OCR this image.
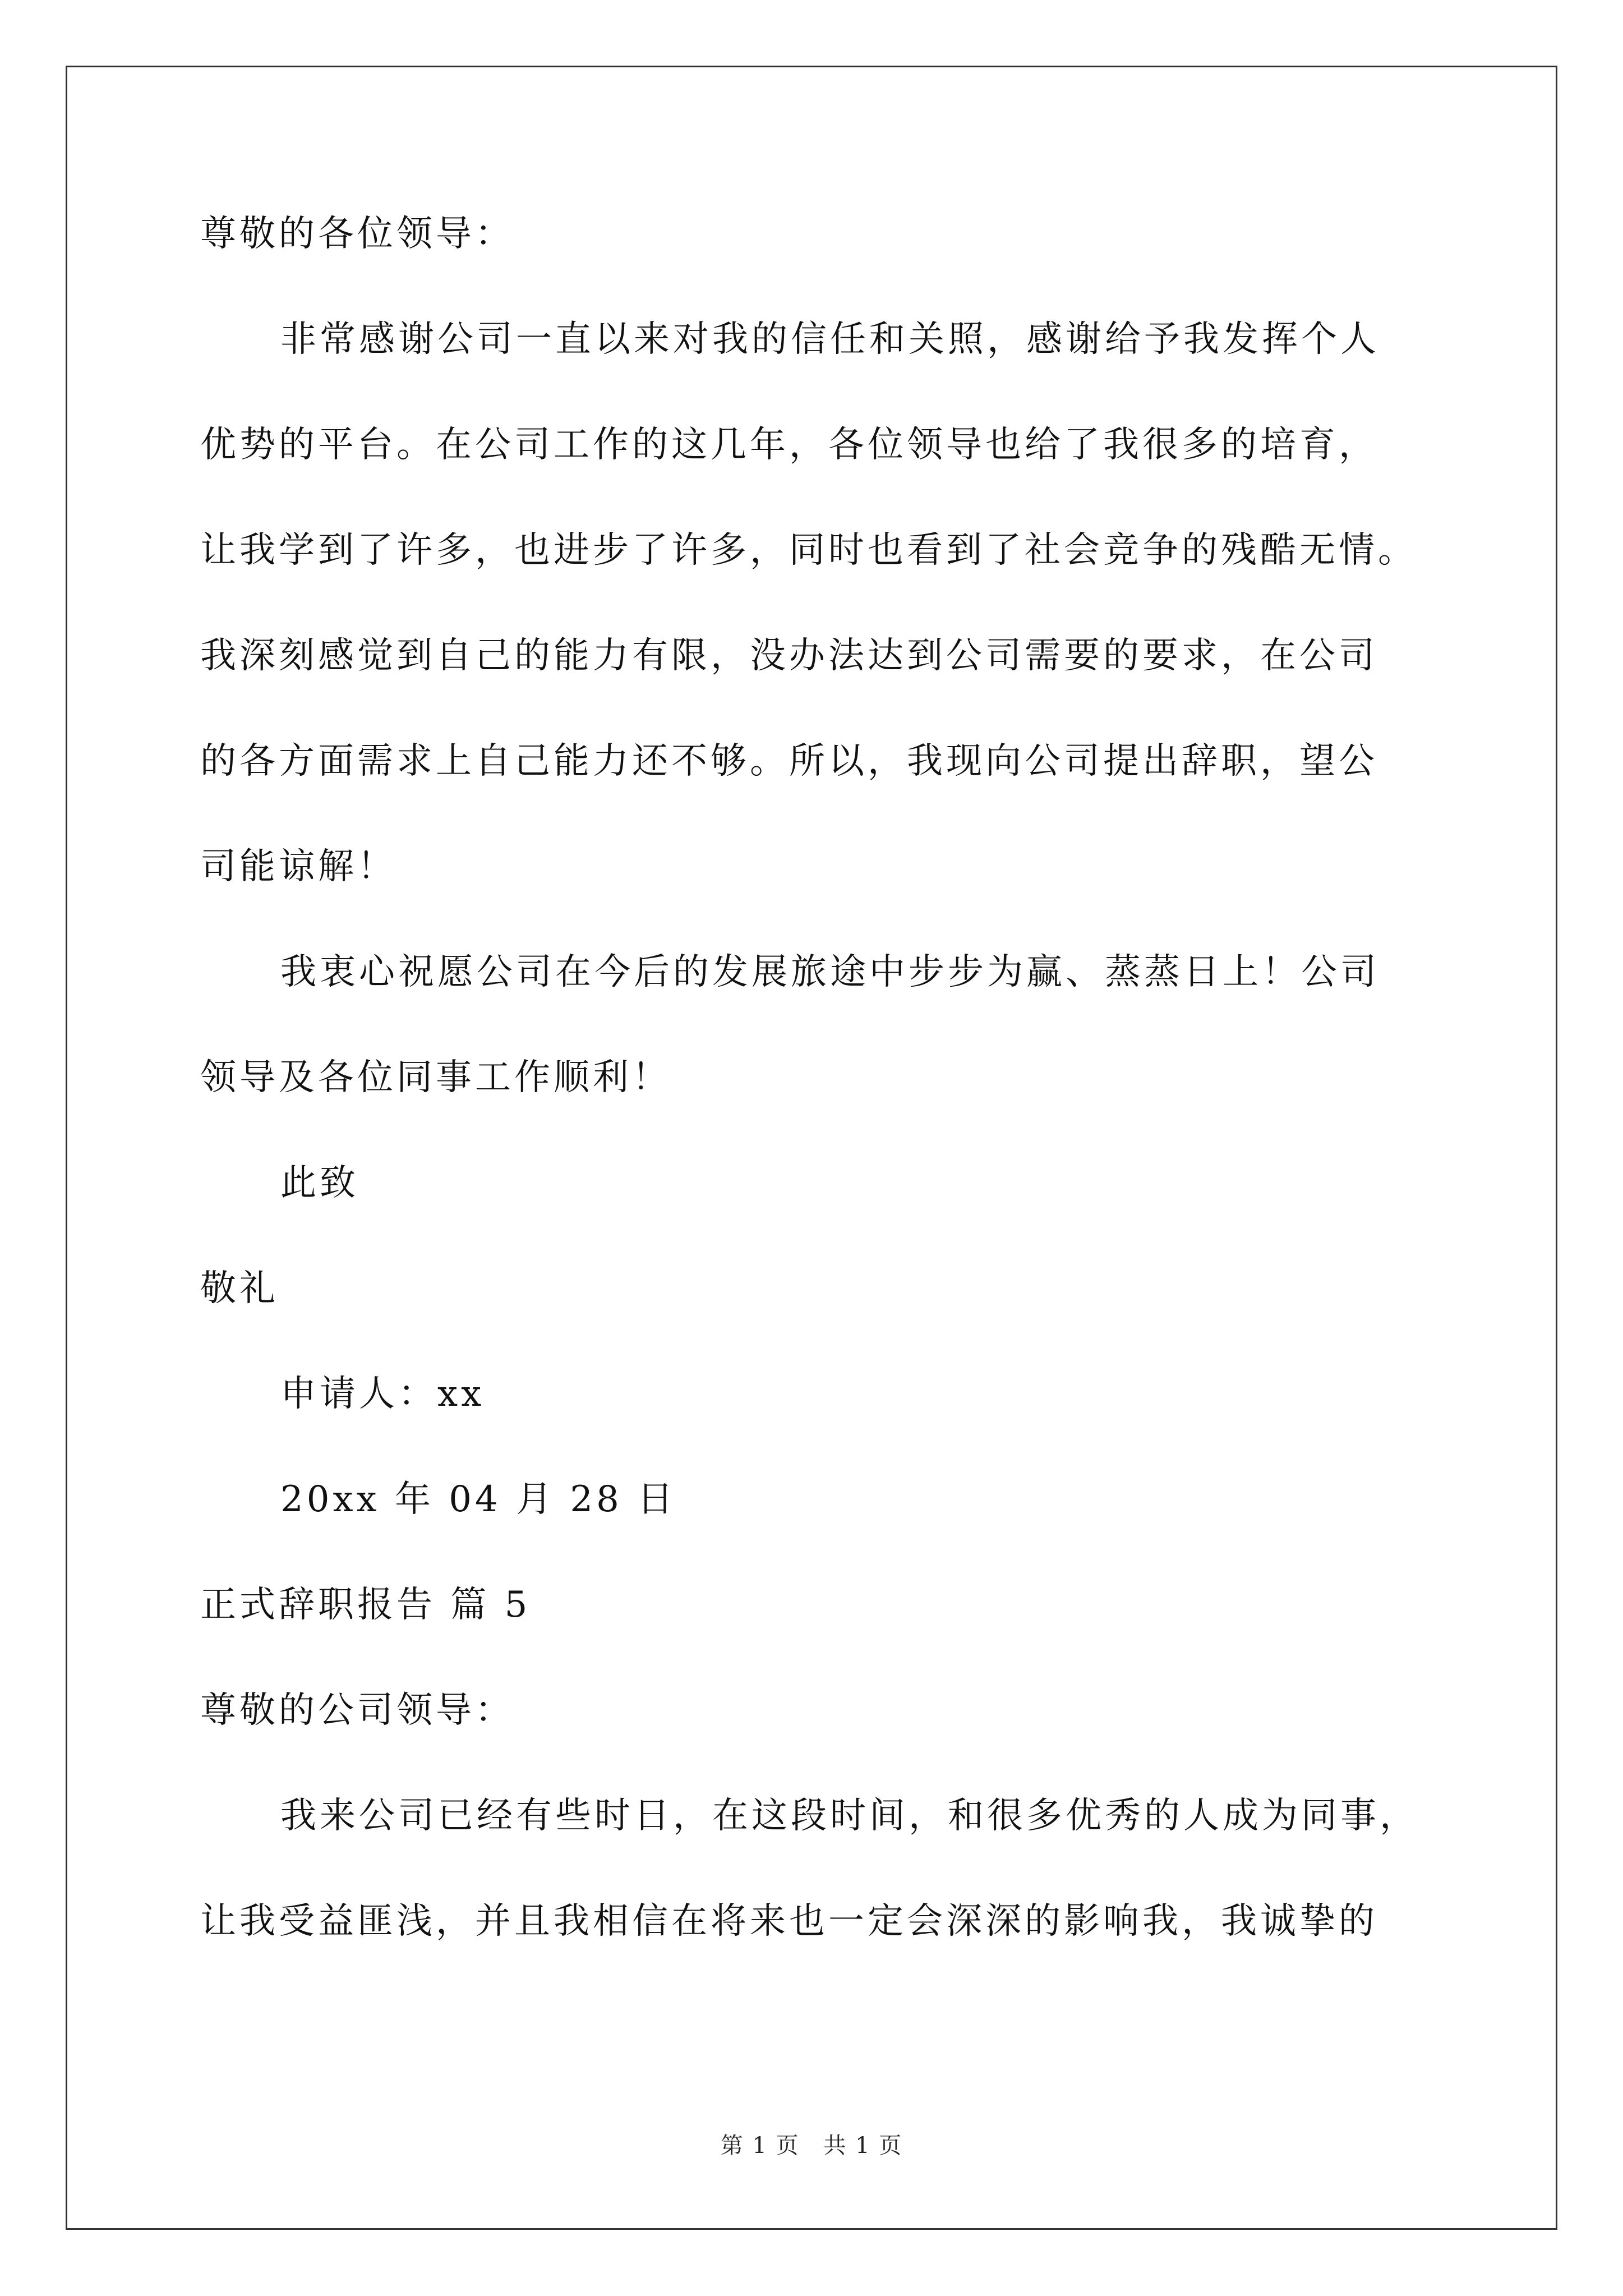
尊敬的各位领导：
非常感谢公司一直以来对我的信任和关照，感谢给予我发挥个人
优势的平台。在公司工作的这几年，各位领导也给了我很多的培育，
让我学到了许多，也进步了许多，同时也看到了社会竞争的残酷无情。
我深刻感觉到自己的能力有限，没办法达到公司需要的要求，在公司
的各方面需求上自己能力还不够。所以，我现向公司提出辞职，望公
司能谅解！
我衷心祝愿公司在今后的发展旅途中步步为赢、蒸蒸日上！公司
领导及各位同事工作顺利！
此致
敬礼
申请人：xx
20xx 年 04 月 28 日
正式辞职报告 篇 5
尊敬的公司领导：
我来公司已经有些时日，在这段时间，和很多优秀的人成为同事，
让我受益匪浅，并且我相信在将来也一定会深深的影响我，我诚挚的
第 1 页 共 1 页
